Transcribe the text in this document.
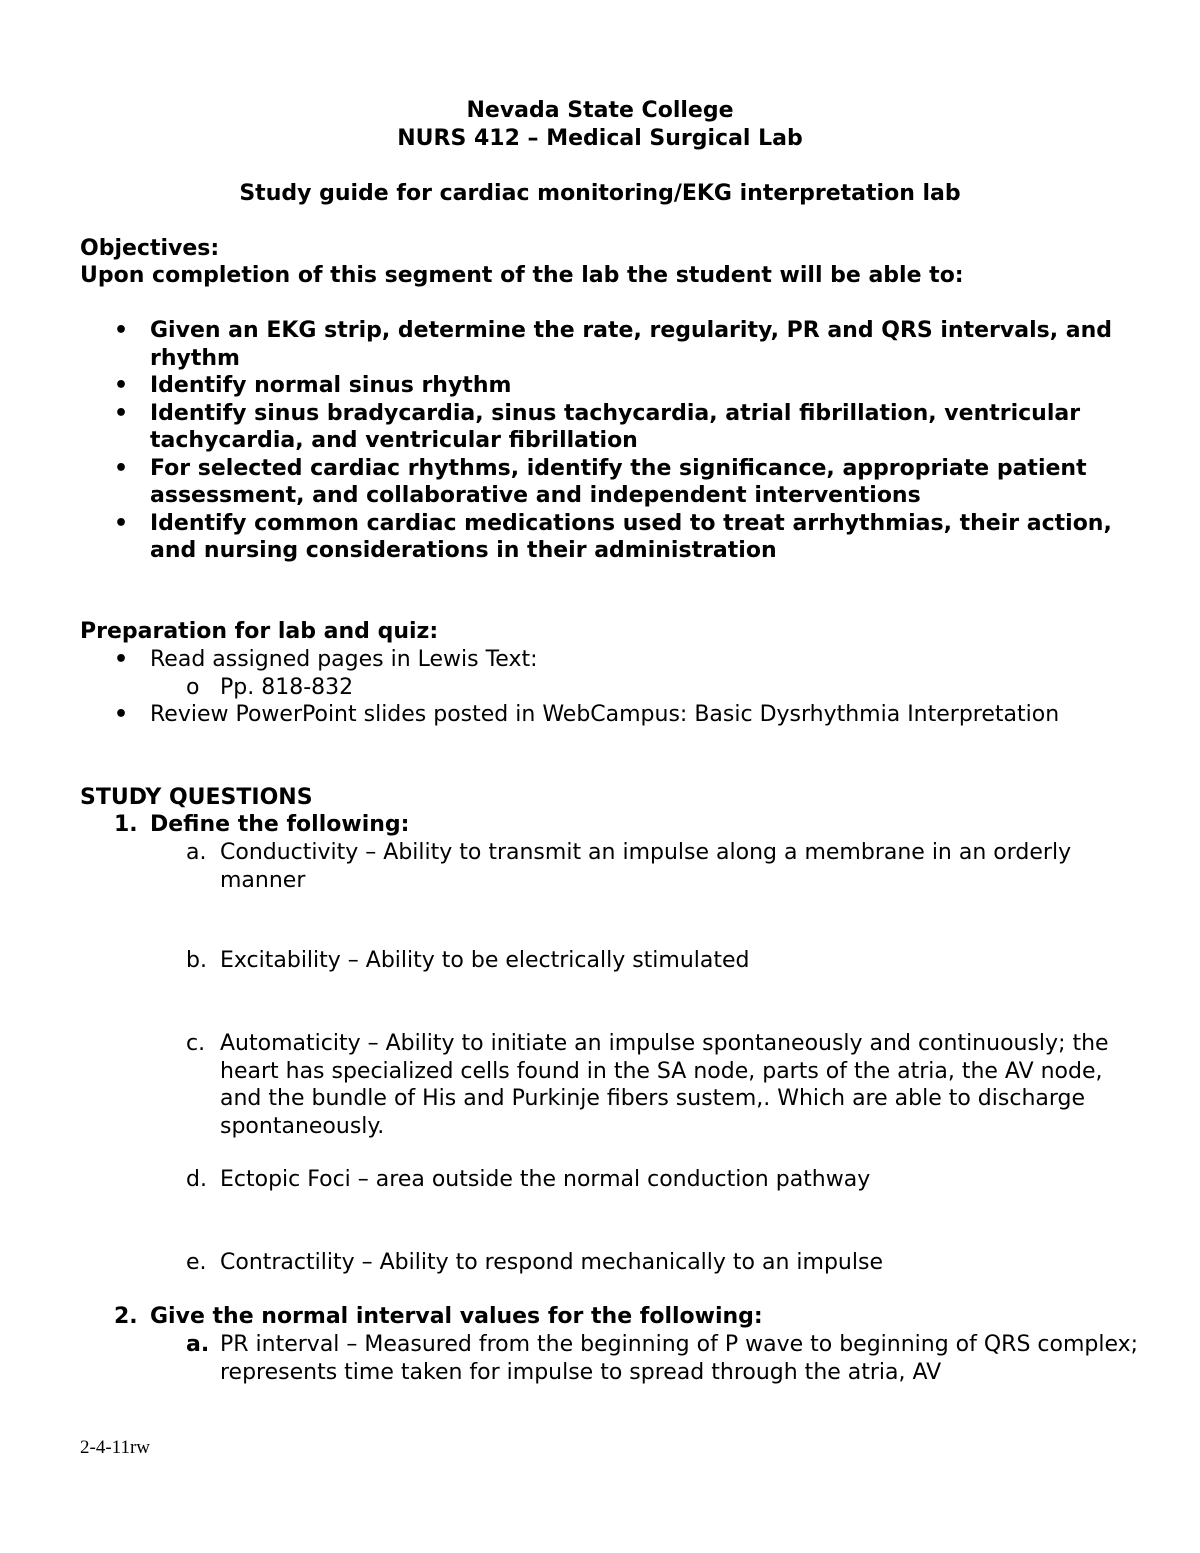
Nevada State College
NURS 412 – Medical Surgical Lab
Study guide for cardiac monitoring/EKG interpretation lab
Objectives:
Upon completion of this segment of the lab the student will be able to:
• Given an EKG strip, determine the rate, regularity, PR and QRS intervals, and rhythm
• Identify normal sinus rhythm
• Identify sinus bradycardia, sinus tachycardia, atrial fibrillation, ventricular tachycardia, and ventricular fibrillation
• For selected cardiac rhythms, identify the significance, appropriate patient assessment, and collaborative and independent interventions
• Identify common cardiac medications used to treat arrhythmias, their action, and nursing considerations in their administration
Preparation for lab and quiz:
• Read assigned pages in Lewis Text:
o Pp. 818-832
• Review PowerPoint slides posted in WebCampus: Basic Dysrhythmia Interpretation
STUDY QUESTIONS
1. Define the following:
a. Conductivity – Ability to transmit an impulse along a membrane in an orderly manner
b. Excitability – Ability to be electrically stimulated
c. Automaticity – Ability to initiate an impulse spontaneously and continuously; the heart has specialized cells found in the SA node, parts of the atria, the AV node, and the bundle of His and Purkinje fibers sustem,. Which are able to discharge spontaneously.
d. Ectopic Foci – area outside the normal conduction pathway
e. Contractility – Ability to respond mechanically to an impulse
2. Give the normal interval values for the following:
a. PR interval – Measured from the beginning of P wave to beginning of QRS complex; represents time taken for impulse to spread through the atria, AV
2-4-11rw
